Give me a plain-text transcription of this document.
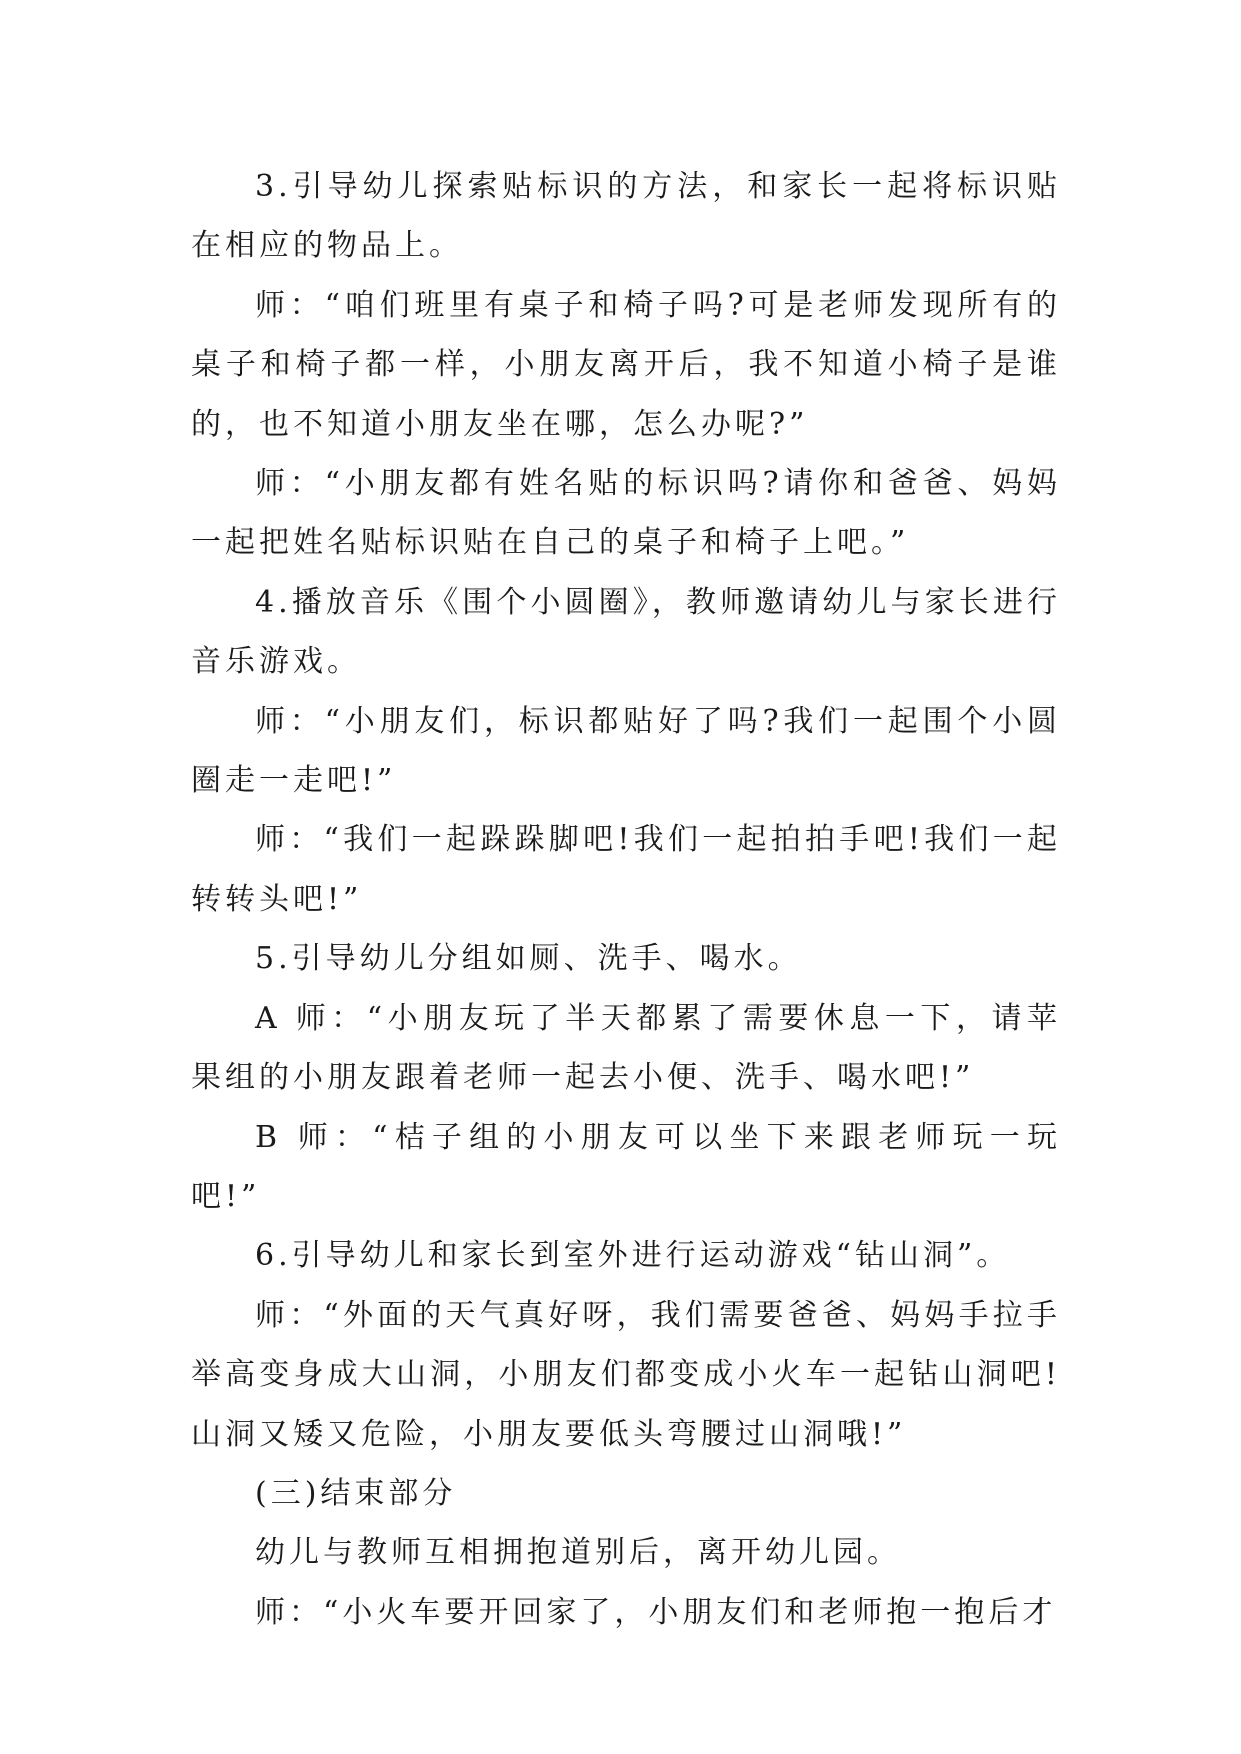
3.引导幼儿探索贴标识的方法，和家长一起将标识贴在相应的物品上。

师：“咱们班里有桌子和椅子吗?可是老师发现所有的桌子和椅子都一样，小朋友离开后，我不知道小椅子是谁的，也不知道小朋友坐在哪，怎么办呢?”

师：“小朋友都有姓名贴的标识吗?请你和爸爸、妈妈一起把姓名贴标识贴在自己的桌子和椅子上吧。”

4.播放音乐《围个小圆圈》，教师邀请幼儿与家长进行音乐游戏。

师：“小朋友们，标识都贴好了吗?我们一起围个小圆圈走一走吧!”

师：“我们一起跺跺脚吧!我们一起拍拍手吧!我们一起转转头吧!”

5.引导幼儿分组如厕、洗手、喝水。

A 师：“小朋友玩了半天都累了需要休息一下，请苹果组的小朋友跟着老师一起去小便、洗手、喝水吧!”

B 师：“桔子组的小朋友可以坐下来跟老师玩一玩吧!”

6.引导幼儿和家长到室外进行运动游戏“钻山洞”。

师：“外面的天气真好呀，我们需要爸爸、妈妈手拉手举高变身成大山洞，小朋友们都变成小火车一起钻山洞吧!山洞又矮又危险，小朋友要低头弯腰过山洞哦!”

(三)结束部分

幼儿与教师互相拥抱道别后，离开幼儿园。

师：“小火车要开回家了，小朋友们和老师抱一抱后才
